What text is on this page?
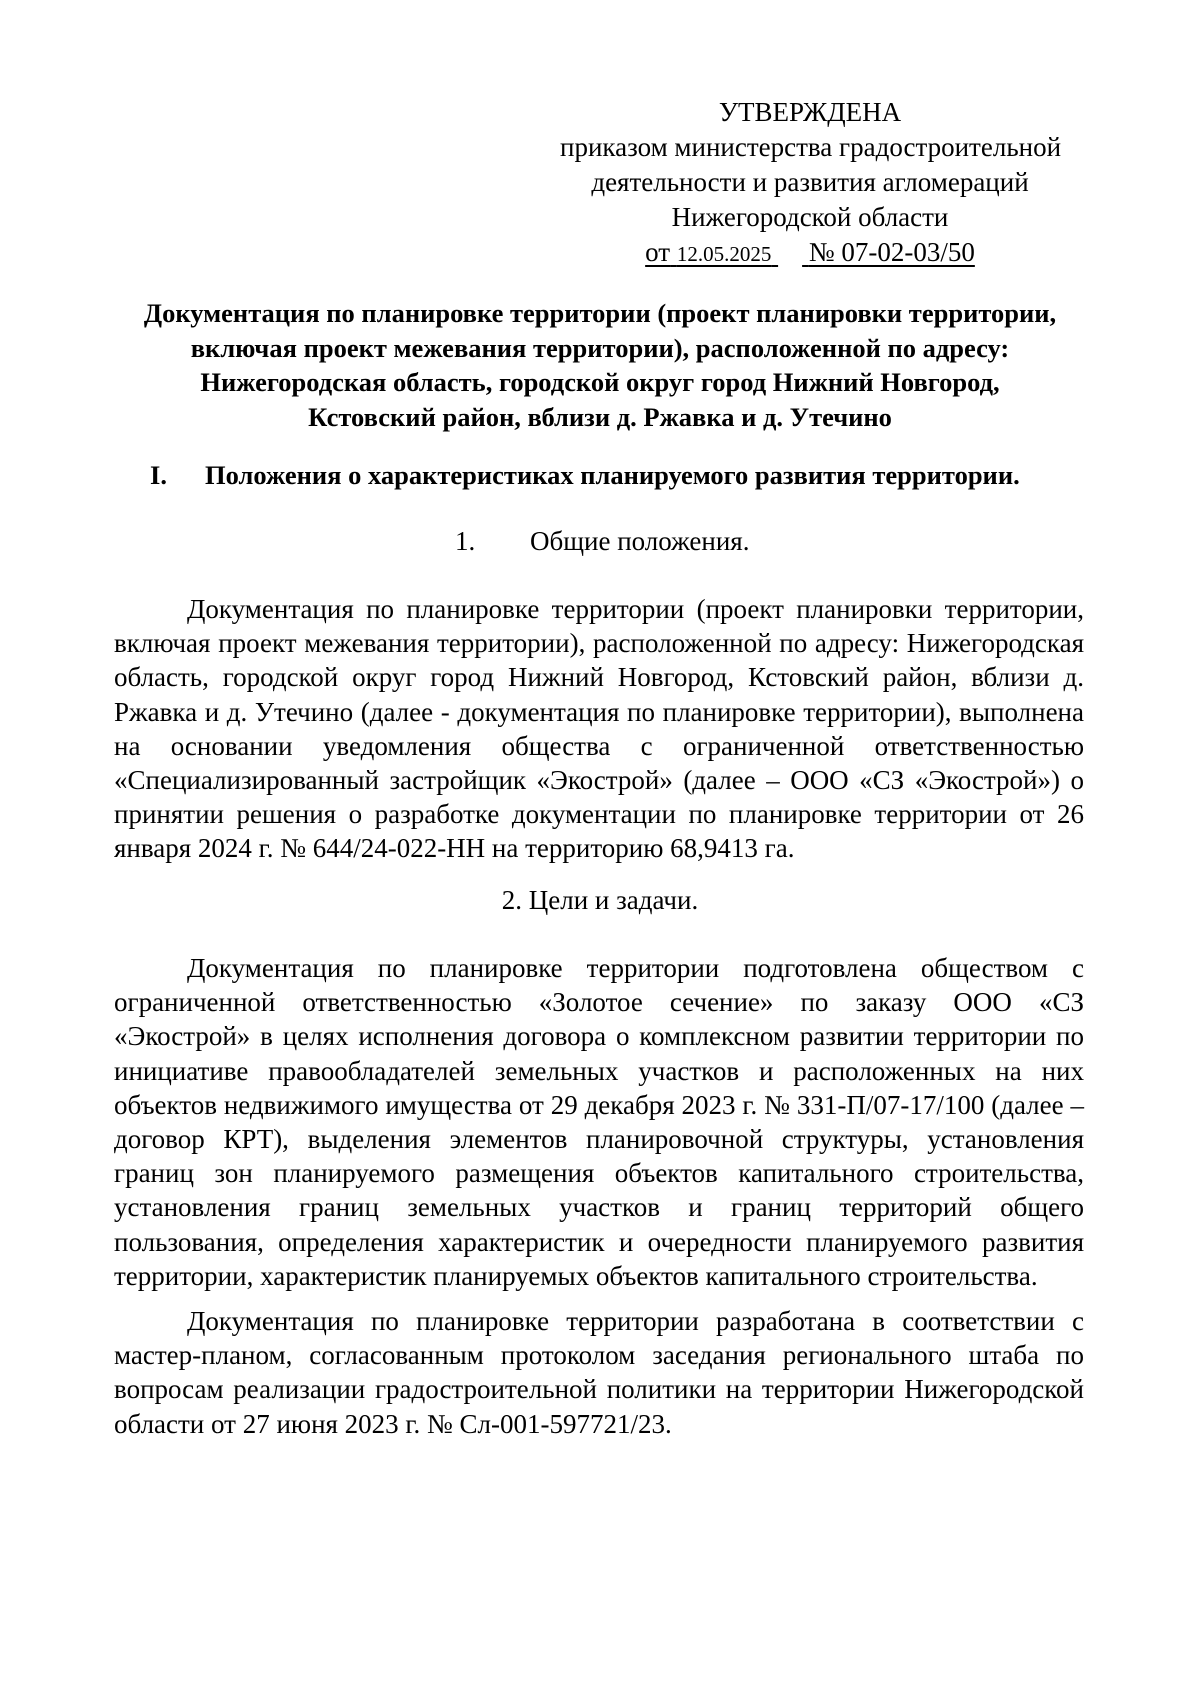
УТВЕРЖДЕНА
приказом министерства градостроительной
деятельности и развития агломераций
Нижегородской области
от 12.05.2025 № 07-02-03/50
Документация по планировке территории (проект планировки территории,
включая проект межевания территории), расположенной по адресу:
Нижегородская область, городской округ город Нижний Новгород,
Кстовский район, вблизи д. Ржавка и д. Утечино
I. Положения о характеристиках планируемого развития территории.
1. Общие положения.
Документация по планировке территории (проект планировки территории, включая проект межевания территории), расположенной по адресу: Нижегородская область, городской округ город Нижний Новгород, Кстовский район, вблизи д. Ржавка и д. Утечино (далее - документация по планировке территории), выполнена на основании уведомления общества с ограниченной ответственностью «Специализированный застройщик «Экострой» (далее – ООО «СЗ «Экострой») о принятии решения о разработке документации по планировке территории от 26 января 2024 г. № 644/24-022-НН на территорию 68,9413 га.
2. Цели и задачи.
Документация по планировке территории подготовлена обществом с ограниченной ответственностью «Золотое сечение» по заказу ООО «СЗ «Экострой» в целях исполнения договора о комплексном развитии территории по инициативе правообладателей земельных участков и расположенных на них объектов недвижимого имущества от 29 декабря 2023 г. № 331-П/07-17/100 (далее – договор КРТ), выделения элементов планировочной структуры, установления границ зон планируемого размещения объектов капитального строительства, установления границ земельных участков и границ территорий общего пользования, определения характеристик и очередности планируемого развития территории, характеристик планируемых объектов капитального строительства.
Документация по планировке территории разработана в соответствии с мастер-планом, согласованным протоколом заседания регионального штаба по вопросам реализации градостроительной политики на территории Нижегородской области от 27 июня 2023 г. № Сл-001-597721/23.
